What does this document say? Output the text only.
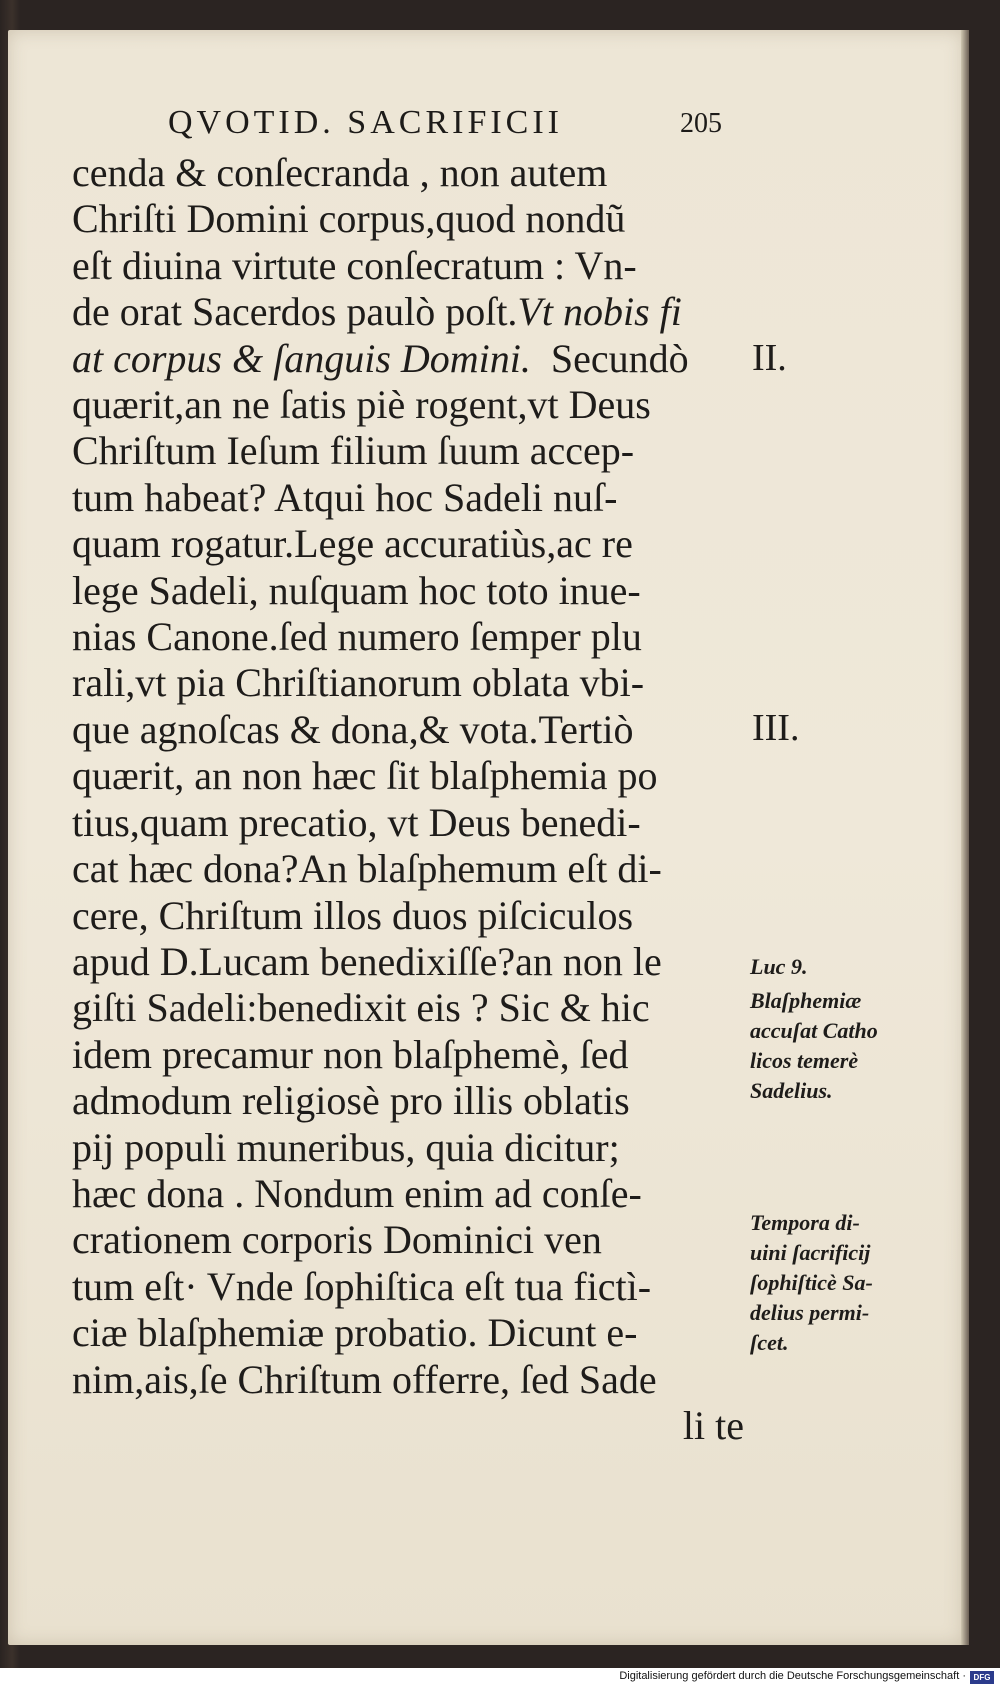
QVOTID. SACRIFICII	205
cenda & conſecranda , non autem
Chriſti Domini corpus,quod nondũ
eſt diuina virtute conſecratum : Vn-
de orat Sacerdos paulò poſt.Vt nobis fi
at corpus & ſanguis Domini. Secundò
quærit,an ne ſatis piè rogent,vt Deus
Chriſtum Ieſum filium ſuum accep-
tum habeat? Atqui hoc Sadeli nuſ-
quam rogatur.Lege accuratiùs,ac re
lege Sadeli, nuſquam hoc toto inue-
nias Canone.ſed numero ſemper plu
rali,vt pia Chriſtianorum oblata vbi-
que agnoſcas & dona,& vota.Tertiò
quærit, an non hæc ſit blaſphemia po
tius,quam precatio, vt Deus benedi-
cat hæc dona?An blaſphemum eſt di-
cere, Chriſtum illos duos piſciculos
apud D.Lucam benedixiſſe?an non le
giſti Sadeli:benedixit eis ? Sic & hic
idem precamur non blaſphemè, ſed
admodum religiosè pro illis oblatis
pij populi muneribus, quia dicitur;
hæc dona . Nondum enim ad conſe-
crationem corporis Dominici ven
tum eſt· Vnde ſophiſtica eſt tua fictì-
ciæ blaſphemiæ probatio. Dicunt e-
nim,ais,ſe Chriſtum offerre, ſed Sade
li te
II.
III.
Luc 9.
Blaſphemiæ
accuſat Catho
licos temerè
Sadelius.
Tempora di-
uini ſacrificij
ſophiſticè Sa-
delius permi-
ſcet.
Digitalisierung gefördert durch die Deutsche Forschungsgemeinschaft · DFG
